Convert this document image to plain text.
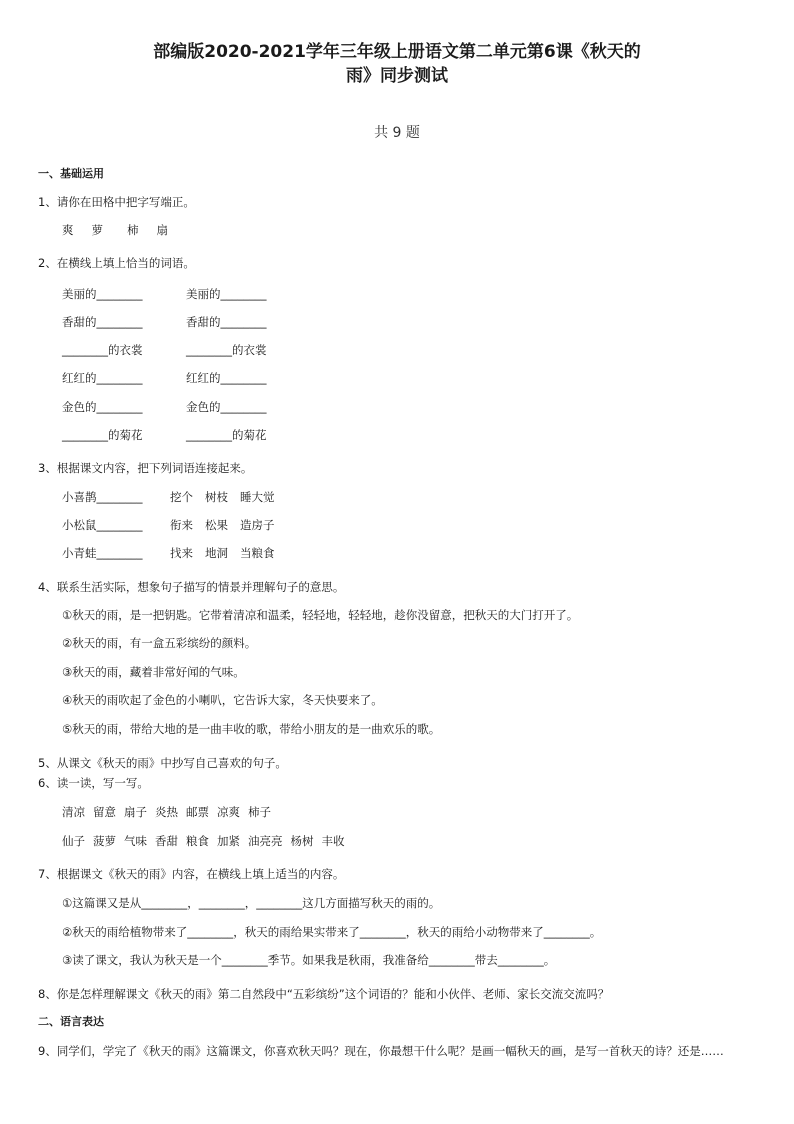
部编版2020-2021学年三年级上册语文第二单元第6课《秋天的
雨》同步测试
共 9 题
一、基础运用
1、请你在田格中把字写端正。
爽 萝 柿 扇
2、在横线上填上恰当的词语。
美丽的________	美丽的________
香甜的________	香甜的________
________的衣裳	________的衣裳
红红的________	红红的________
金色的________	金色的________
________的菊花	________的菊花
3、根据课文内容，把下列词语连接起来。
小喜鹊________ 挖个 树枝 睡大觉
小松鼠________ 衔来 松果 造房子
小青蛙________ 找来 地洞 当粮食
4、联系生活实际，想象句子描写的情景并理解句子的意思。
①秋天的雨，是一把钥匙。它带着清凉和温柔，轻轻地，轻轻地，趁你没留意，把秋天的大门打开了。
②秋天的雨，有一盒五彩缤纷的颜料。
③秋天的雨，藏着非常好闻的气味。
④秋天的雨吹起了金色的小喇叭，它告诉大家，冬天快要来了。
⑤秋天的雨，带给大地的是一曲丰收的歌，带给小朋友的是一曲欢乐的歌。
5、从课文《秋天的雨》中抄写自己喜欢的句子。
6、读一读，写一写。
清凉 留意 扇子 炎热 邮票 凉爽 柿子
仙子 菠萝 气味 香甜 粮食 加紧 油亮亮 杨树 丰收
7、根据课文《秋天的雨》内容，在横线上填上适当的内容。
①这篇课又是从________，________，________这几方面描写秋天的雨的。
②秋天的雨给植物带来了________，秋天的雨给果实带来了________，秋天的雨给小动物带来了________。
③读了课文，我认为秋天是一个________季节。如果我是秋雨，我准备给________带去________。
8、你是怎样理解课文《秋天的雨》第二自然段中“五彩缤纷”这个词语的？能和小伙伴、老师、家长交流交流吗？
二、语言表达
9、同学们，学完了《秋天的雨》这篇课文，你喜欢秋天吗？现在，你最想干什么呢？是画一幅秋天的画，是写一首秋天的诗？还是……
